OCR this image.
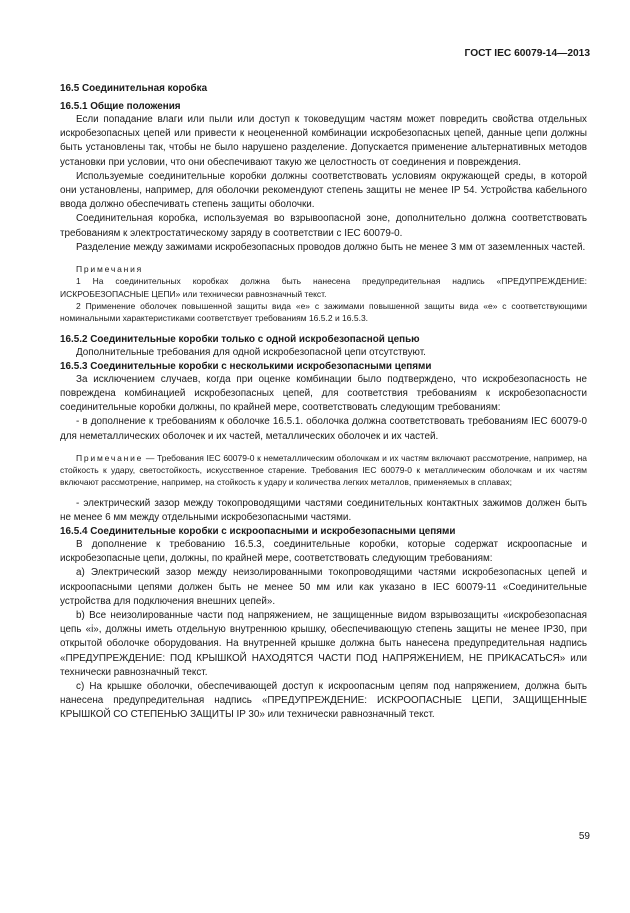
ГОСТ IEC 60079-14—2013
16.5 Соединительная коробка
16.5.1 Общие положения

Если попадание влаги или пыли или доступ к токоведущим частям может повредить свойства отдельных искробезопасных цепей или привести к неоцененной комбинации искробезопасных цепей, данные цепи должны быть установлены так, чтобы не было нарушено разделение. Допускается применение альтернативных методов установки при условии, что они обеспечивают такую же целостность от соединения и повреждения.

Используемые соединительные коробки должны соответствовать условиям окружающей среды, в которой они установлены, например, для оболочки рекомендуют степень защиты не менее IP 54. Устройства кабельного ввода должно обеспечивать степень защиты оболочки.

Соединительная коробка, используемая во взрывоопасной зоне, дополнительно должна соответствовать требованиям к электростатическому заряду в соответствии с IEC 60079-0.

Разделение между зажимами искробезопасных проводов должно быть не менее 3 мм от заземленных частей.

Примечания

1 На соединительных коробках должна быть нанесена предупредительная надпись «ПРЕДУПРЕЖДЕНИЕ: ИСКРОБЕЗОПАСНЫЕ ЦЕПИ» или технически равнозначный текст.

2 Применение оболочек повышенной защиты вида «е» с зажимами повышенной защиты вида «е» с соответствующими номинальными характеристиками соответствует требованиям 16.5.2 и 16.5.3.

16.5.2 Соединительные коробки только с одной искробезопасной цепью

Дополнительные требования для одной искробезопасной цепи отсутствуют.

16.5.3 Соединительные коробки с несколькими искробезопасными цепями

За исключением случаев, когда при оценке комбинации было подтверждено, что искробезопасность не повреждена комбинацией искробезопасных цепей, для соответствия требованиям к искробезопасности соединительные коробки должны, по крайней мере, соответствовать следующим требованиям:

- в дополнение к требованиям к оболочке 16.5.1. оболочка должна соответствовать требованиям IEC 60079-0 для неметаллических оболочек и их частей, металлических оболочек и их частей.

Примечание — Требования IEC 60079-0 к неметаллическим оболочкам и их частям включают рассмотрение, например, на стойкость к удару, светостойкость, искусственное старение. Требования IEC 60079-0 к металлическим оболочкам и их частям включают рассмотрение, например, на стойкость к удару и количества легких металлов, применяемых в сплавах;

- электрический зазор между токопроводящими частями соединительных контактных зажимов должен быть не менее 6 мм между отдельными искробезопасными частями.

16.5.4 Соединительные коробки с искроопасными и искробезопасными цепями

В дополнение к требованию 16.5.3, соединительные коробки, которые содержат искроопасные и искробезопасные цепи, должны, по крайней мере, соответствовать следующим требованиям:

а) Электрический зазор между неизолированными токопроводящими частями искробезопасных цепей и искроопасными цепями должен быть не менее 50 мм или как указано в IEC 60079-11 «Соединительные устройства для подключения внешних цепей».

b) Все неизолированные части под напряжением, не защищенные видом взрывозащиты «искробезопасная цепь «i», должны иметь отдельную внутреннюю крышку, обеспечивающую степень защиты не менее IP30, при открытой оболочке оборудования. На внутренней крышке должна быть нанесена предупредительная надпись «ПРЕДУПРЕЖДЕНИЕ: ПОД КРЫШКОЙ НАХОДЯТСЯ ЧАСТИ ПОД НАПРЯЖЕНИЕМ, НЕ ПРИКАСАТЬСЯ» или технически равнозначный текст.

с) На крышке оболочки, обеспечивающей доступ к искроопасным цепям под напряжением, должна быть нанесена предупредительная надпись «ПРЕДУПРЕЖДЕНИЕ: ИСКРООПАСНЫЕ ЦЕПИ, ЗАЩИЩЕННЫЕ КРЫШКОЙ СО СТЕПЕНЬЮ ЗАЩИТЫ IP 30» или технически равнозначный текст.

59
